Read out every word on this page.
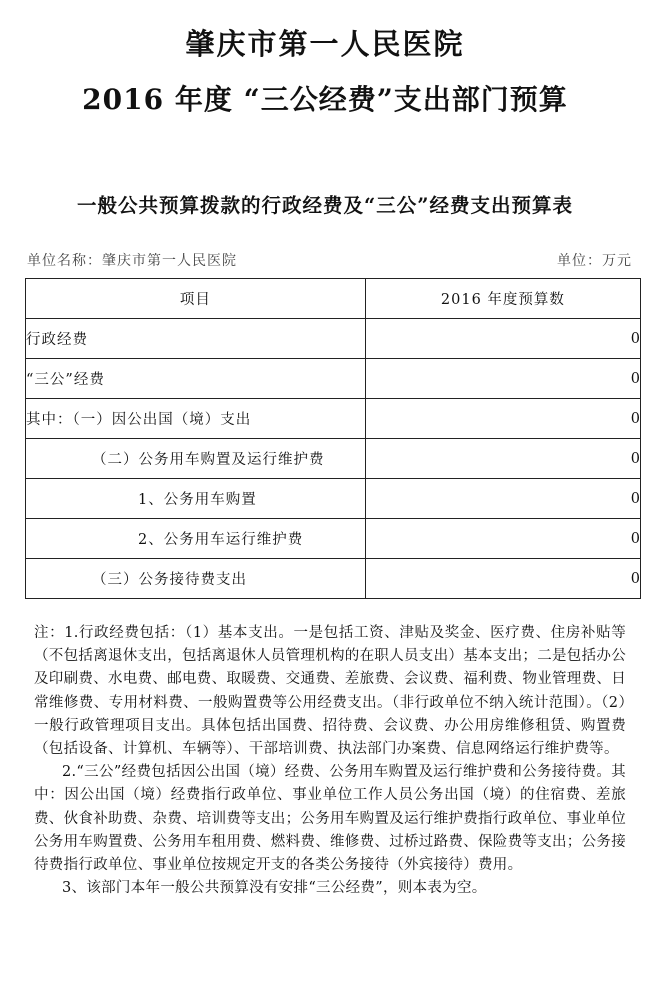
肇庆市第一人民医院
2016 年度 “三公经费”支出部门预算
一般公共预算拨款的行政经费及“三公”经费支出预算表
单位名称：肇庆市第一人民医院	单位：万元
项目	2016 年度预算数
行政经费	0
“三公”经费	0
其中：（一）因公出国（境）支出	0
（二）公务用车购置及运行维护费	0
1、公务用车购置	0
2、公务用车运行维护费	0
（三）公务接待费支出	0

注：1.行政经费包括：（1）基本支出。一是包括工资、津贴及奖金、医疗费、住房补贴等（不包括离退休支出，包括离退休人员管理机构的在职人员支出）基本支出；二是包括办公及印刷费、水电费、邮电费、取暖费、交通费、差旅费、会议费、福利费、物业管理费、日常维修费、专用材料费、一般购置费等公用经费支出。（非行政单位不纳入统计范围）。（2）一般行政管理项目支出。具体包括出国费、招待费、会议费、办公用房维修租赁、购置费（包括设备、计算机、车辆等）、干部培训费、执法部门办案费、信息网络运行维护费等。

2.“三公”经费包括因公出国（境）经费、公务用车购置及运行维护费和公务接待费。其中：因公出国（境）经费指行政单位、事业单位工作人员公务出国（境）的住宿费、差旅费、伙食补助费、杂费、培训费等支出；公务用车购置及运行维护费指行政单位、事业单位公务用车购置费、公务用车租用费、燃料费、维修费、过桥过路费、保险费等支出；公务接待费指行政单位、事业单位按规定开支的各类公务接待（外宾接待）费用。

3、该部门本年一般公共预算没有安排“三公经费”，则本表为空。
